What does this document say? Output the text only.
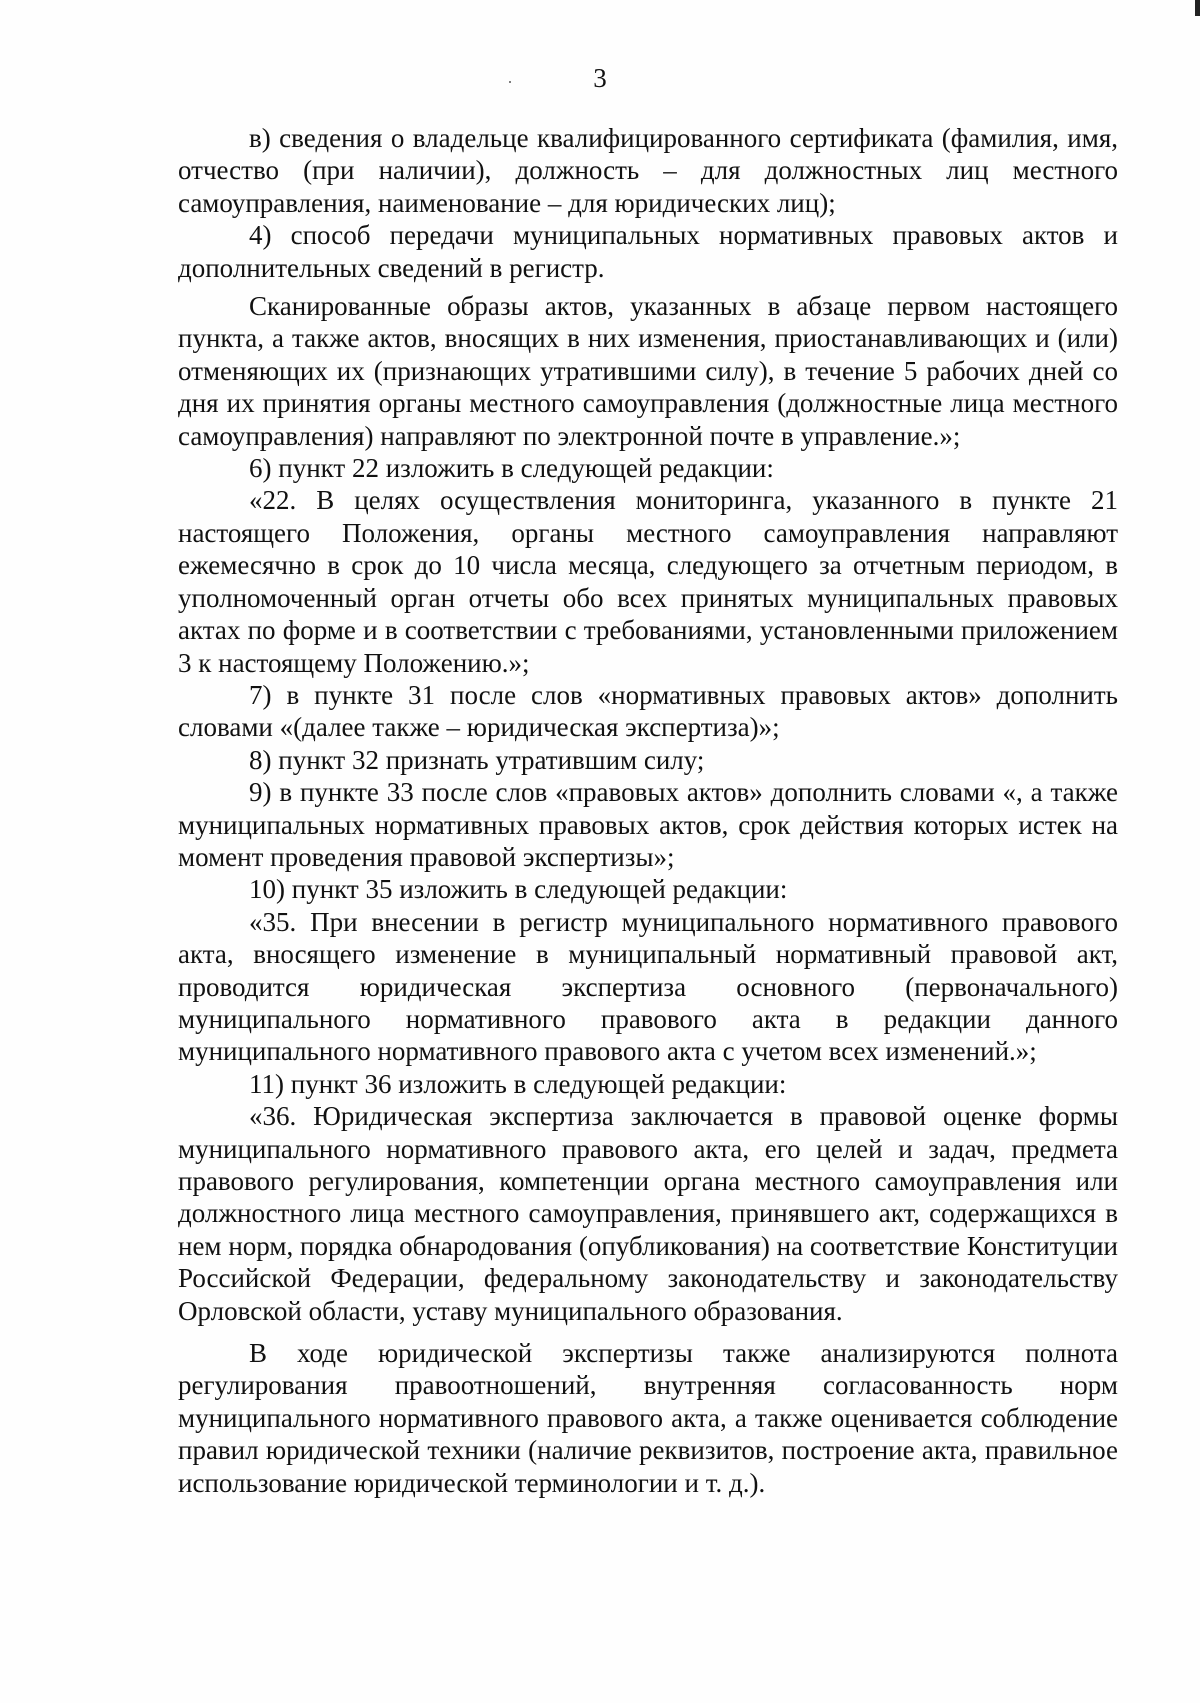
3

в) сведения о владельце квалифицированного сертификата (фамилия, имя, отчество (при наличии), должность – для должностных лиц местного самоуправления, наименование – для юридических лиц);

4) способ передачи муниципальных нормативных правовых актов и дополнительных сведений в регистр.

Сканированные образы актов, указанных в абзаце первом настоящего пункта, а также актов, вносящих в них изменения, приостанавливающих и (или) отменяющих их (признающих утратившими силу), в течение 5 рабочих дней со дня их принятия органы местного самоуправления (должностные лица местного самоуправления) направляют по электронной почте в управление.»;

6) пункт 22 изложить в следующей редакции:

«22. В целях осуществления мониторинга, указанного в пункте 21 настоящего Положения, органы местного самоуправления направляют ежемесячно в срок до 10 числа месяца, следующего за отчетным периодом, в уполномоченный орган отчеты обо всех принятых муниципальных правовых актах по форме и в соответствии с требованиями, установленными приложением 3 к настоящему Положению.»;

7) в пункте 31 после слов «нормативных правовых актов» дополнить словами «(далее также – юридическая экспертиза)»;

8) пункт 32 признать утратившим силу;

9) в пункте 33 после слов «правовых актов» дополнить словами «, а также муниципальных нормативных правовых актов, срок действия которых истек на момент проведения правовой экспертизы»;

10) пункт 35 изложить в следующей редакции:

«35. При внесении в регистр муниципального нормативного правового акта, вносящего изменение в муниципальный нормативный правовой акт, проводится юридическая экспертиза основного (первоначального) муниципального нормативного правового акта в редакции данного муниципального нормативного правового акта с учетом всех изменений.»;

11) пункт 36 изложить в следующей редакции:

«36. Юридическая экспертиза заключается в правовой оценке формы муниципального нормативного правового акта, его целей и задач, предмета правового регулирования, компетенции органа местного самоуправления или должностного лица местного самоуправления, принявшего акт, содержащихся в нем норм, порядка обнародования (опубликования) на соответствие Конституции Российской Федерации, федеральному законодательству и законодательству Орловской области, уставу муниципального образования.

В ходе юридической экспертизы также анализируются полнота регулирования правоотношений, внутренняя согласованность норм муниципального нормативного правового акта, а также оценивается соблюдение правил юридической техники (наличие реквизитов, построение акта, правильное использование юридической терминологии и т. д.).
